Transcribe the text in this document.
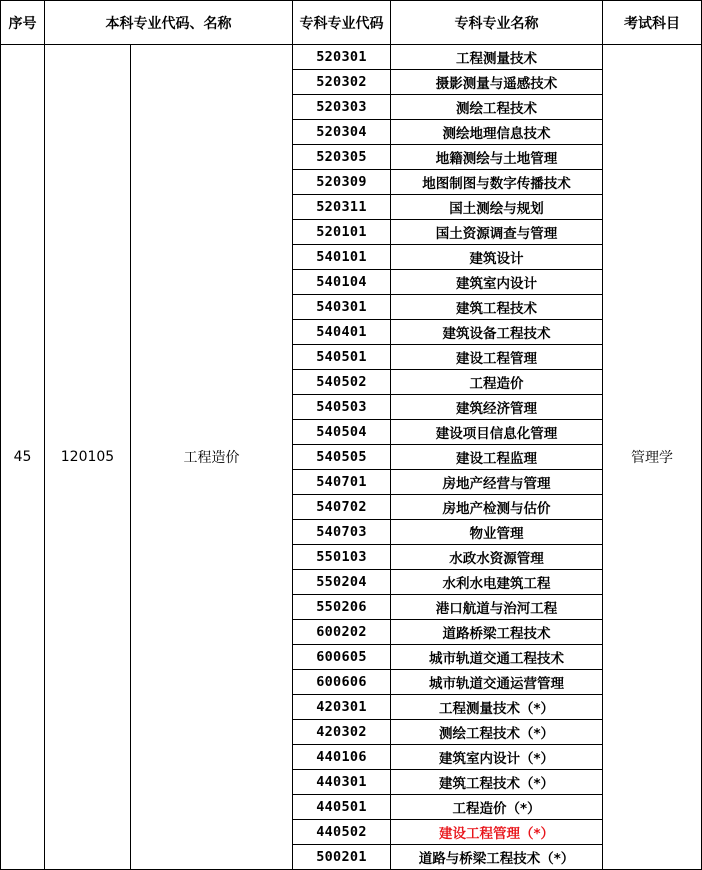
序号	本科专业代码、名称		专科专业代码	专科专业名称	考试科目
45	120105	工程造价	520301	工程测量技术	管理学
			520302	摄影测量与遥感技术	
			520303	测绘工程技术	
			520304	测绘地理信息技术	
			520305	地籍测绘与土地管理	
			520309	地图制图与数字传播技术	
			520311	国土测绘与规划	
			520101	国土资源调查与管理	
			540101	建筑设计	
			540104	建筑室内设计	
			540301	建筑工程技术	
			540401	建筑设备工程技术	
			540501	建设工程管理	
			540502	工程造价	
			540503	建筑经济管理	
			540504	建设项目信息化管理	
			540505	建设工程监理	
			540701	房地产经营与管理	
			540702	房地产检测与估价	
			540703	物业管理	
			550103	水政水资源管理	
			550204	水利水电建筑工程	
			550206	港口航道与治河工程	
			600202	道路桥梁工程技术	
			600605	城市轨道交通工程技术	
			600606	城市轨道交通运营管理	
			420301	工程测量技术（*）	
			420302	测绘工程技术（*）	
			440106	建筑室内设计（*）	
			440301	建筑工程技术（*）	
			440501	工程造价（*）	
			440502	建设工程管理（*）	
			500201	道路与桥梁工程技术（*）	
